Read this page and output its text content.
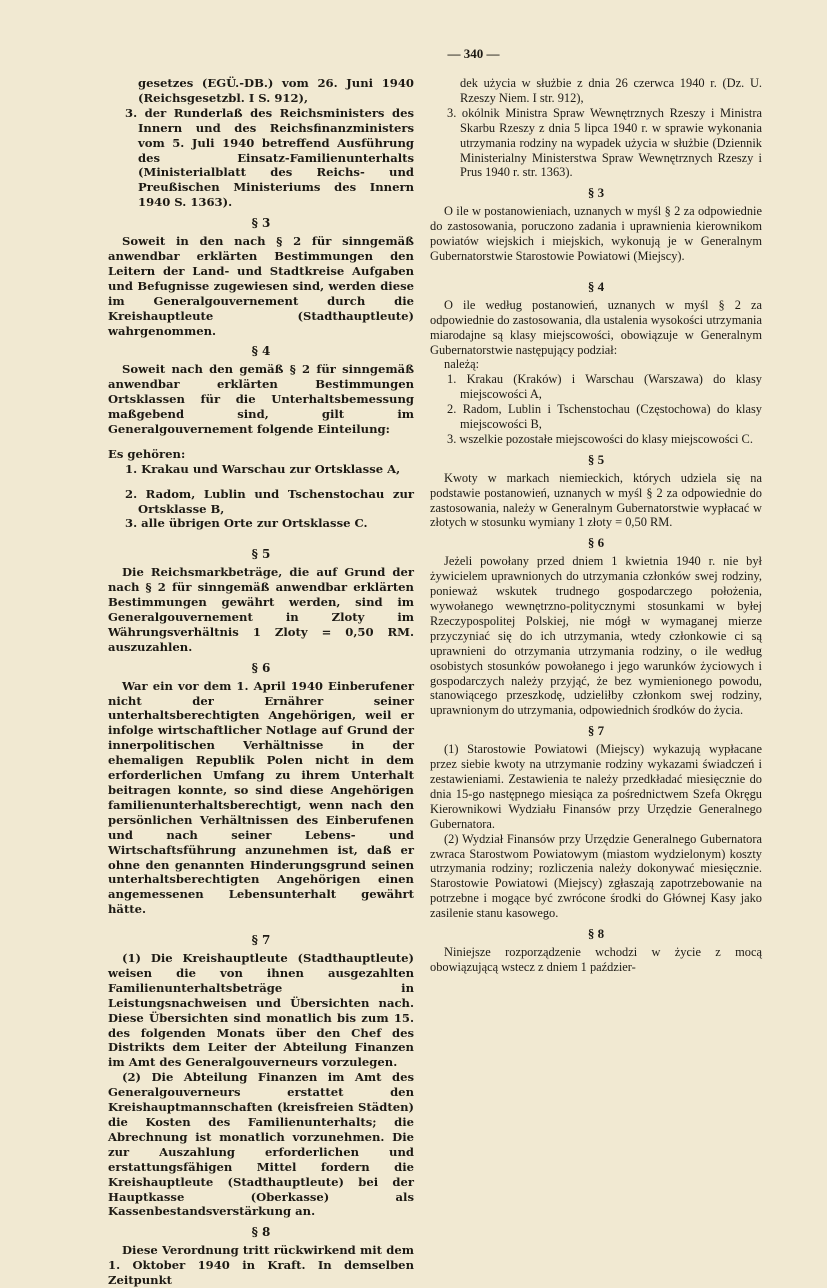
— 340 —

gesetzes (EGÜ.-DB.) vom 26. Juni 1940 (Reichsgesetzbl. I S. 912),

3. der Runderlaß des Reichsministers des Innern und des Reichsfinanzministers vom 5. Juli 1940 betreffend Ausführung des Einsatz-Familienunterhalts (Ministerialblatt des Reichs- und Preußischen Ministeriums des Innern 1940 S. 1363).

§ 3

Soweit in den nach § 2 für sinngemäß anwendbar erklärten Bestimmungen den Leitern der Land- und Stadtkreise Aufgaben und Befugnisse zugewiesen sind, werden diese im Generalgouvernement durch die Kreishauptleute (Stadthauptleute) wahrgenommen.

§ 4

Soweit nach den gemäß § 2 für sinngemäß anwendbar erklärten Bestimmungen Ortsklassen für die Unterhaltsbemessung maßgebend sind, gilt im Generalgouvernement folgende Einteilung:

Es gehören:

1. Krakau und Warschau zur Ortsklasse A,

2. Radom, Lublin und Tschenstochau zur Ortsklasse B,

3. alle übrigen Orte zur Ortsklasse C.

§ 5

Die Reichsmarkbeträge, die auf Grund der nach § 2 für sinngemäß anwendbar erklärten Bestimmungen gewährt werden, sind im Generalgouvernement in Zloty im Währungsverhältnis 1 Zloty = 0,50 RM. auszuzahlen.

§ 6

War ein vor dem 1. April 1940 Einberufener nicht der Ernährer seiner unterhaltsberechtigten Angehörigen, weil er infolge wirtschaftlicher Notlage auf Grund der innerpolitischen Verhältnisse in der ehemaligen Republik Polen nicht in dem erforderlichen Umfang zu ihrem Unterhalt beitragen konnte, so sind diese Angehörigen familienunterhaltsberechtigt, wenn nach den persönlichen Verhältnissen des Einberufenen und nach seiner Lebens- und Wirtschaftsführung anzunehmen ist, daß er ohne den genannten Hinderungsgrund seinen unterhaltsberechtigten Angehörigen einen angemessenen Lebensunterhalt gewährt hätte.

§ 7

(1) Die Kreishauptleute (Stadthauptleute) weisen die von ihnen ausgezahlten Familienunterhaltsbeträge in Leistungsnachweisen und Übersichten nach. Diese Übersichten sind monatlich bis zum 15. des folgenden Monats über den Chef des Distrikts dem Leiter der Abteilung Finanzen im Amt des Generalgouverneurs vorzulegen.

(2) Die Abteilung Finanzen im Amt des Generalgouverneurs erstattet den Kreishauptmannschaften (kreisfreien Städten) die Kosten des Familienunterhalts; die Abrechnung ist monatlich vorzunehmen. Die zur Auszahlung erforderlichen und erstattungsfähigen Mittel fordern die Kreishauptleute (Stadthauptleute) bei der Hauptkasse (Oberkasse) als Kassenbestandsverstärkung an.

§ 8

Diese Verordnung tritt rückwirkend mit dem 1. Oktober 1940 in Kraft. In demselben Zeitpunkt

dek użycia w służbie z dnia 26 czerwca 1940 r. (Dz. U. Rzeszy Niem. I str. 912),

3. okólnik Ministra Spraw Wewnętrznych Rzeszy i Ministra Skarbu Rzeszy z dnia 5 lipca 1940 r. w sprawie wykonania utrzymania rodziny na wypadek użycia w służbie (Dziennik Ministerialny Ministerstwa Spraw Wewnętrznych Rzeszy i Prus 1940 r. str. 1363).

§ 3

O ile w postanowieniach, uznanych w myśl § 2 za odpowiednie do zastosowania, poruczono zadania i uprawnienia kierownikom powiatów wiejskich i miejskich, wykonują je w Generalnym Gubernatorstwie Starostowie Powiatowi (Miejscy).

§ 4

O ile według postanowień, uznanych w myśl § 2 za odpowiednie do zastosowania, dla ustalenia wysokości utrzymania miarodajne są klasy miejscowości, obowiązuje w Generalnym Gubernatorstwie następujący podział:

należą:

1. Krakau (Kraków) i Warschau (Warszawa) do klasy miejscowości A,

2. Radom, Lublin i Tschenstochau (Częstochowa) do klasy miejscowości B,

3. wszelkie pozostałe miejscowości do klasy miejscowości C.

§ 5

Kwoty w markach niemieckich, których udziela się na podstawie postanowień, uznanych w myśl § 2 za odpowiednie do zastosowania, należy w Generalnym Gubernatorstwie wypłacać w złotych w stosunku wymiany 1 złoty = 0,50 RM.

§ 6

Jeżeli powołany przed dniem 1 kwietnia 1940 r. nie był żywicielem uprawnionych do utrzymania członków swej rodziny, ponieważ wskutek trudnego gospodarczego położenia, wywołanego wewnętrzno-politycznymi stosunkami w byłej Rzeczypospolitej Polskiej, nie mógł w wymaganej mierze przyczyniać się do ich utrzymania, wtedy członkowie ci są uprawnieni do otrzymania utrzymania rodziny, o ile według osobistych stosunków powołanego i jego warunków życiowych i gospodarczych należy przyjąć, że bez wymienionego powodu, stanowiącego przeszkodę, udzieliłby członkom swej rodziny, uprawnionym do utrzymania, odpowiednich środków do życia.

§ 7

(1) Starostowie Powiatowi (Miejscy) wykazują wypłacane przez siebie kwoty na utrzymanie rodziny wykazami świadczeń i zestawieniami. Zestawienia te należy przedkładać miesięcznie do dnia 15-go następnego miesiąca za pośrednictwem Szefa Okręgu Kierownikowi Wydziału Finansów przy Urzędzie Generalnego Gubernatora.

(2) Wydział Finansów przy Urzędzie Generalnego Gubernatora zwraca Starostwom Powiatowym (miastom wydzielonym) koszty utrzymania rodziny; rozliczenia należy dokonywać miesięcznie. Starostowie Powiatowi (Miejscy) zgłaszają zapotrzebowanie na potrzebne i mogące być zwrócone środki do Głównej Kasy jako zasilenie stanu kasowego.

§ 8

Niniejsze rozporządzenie wchodzi w życie z mocą obowiązującą wstecz z dniem 1 paździer-
